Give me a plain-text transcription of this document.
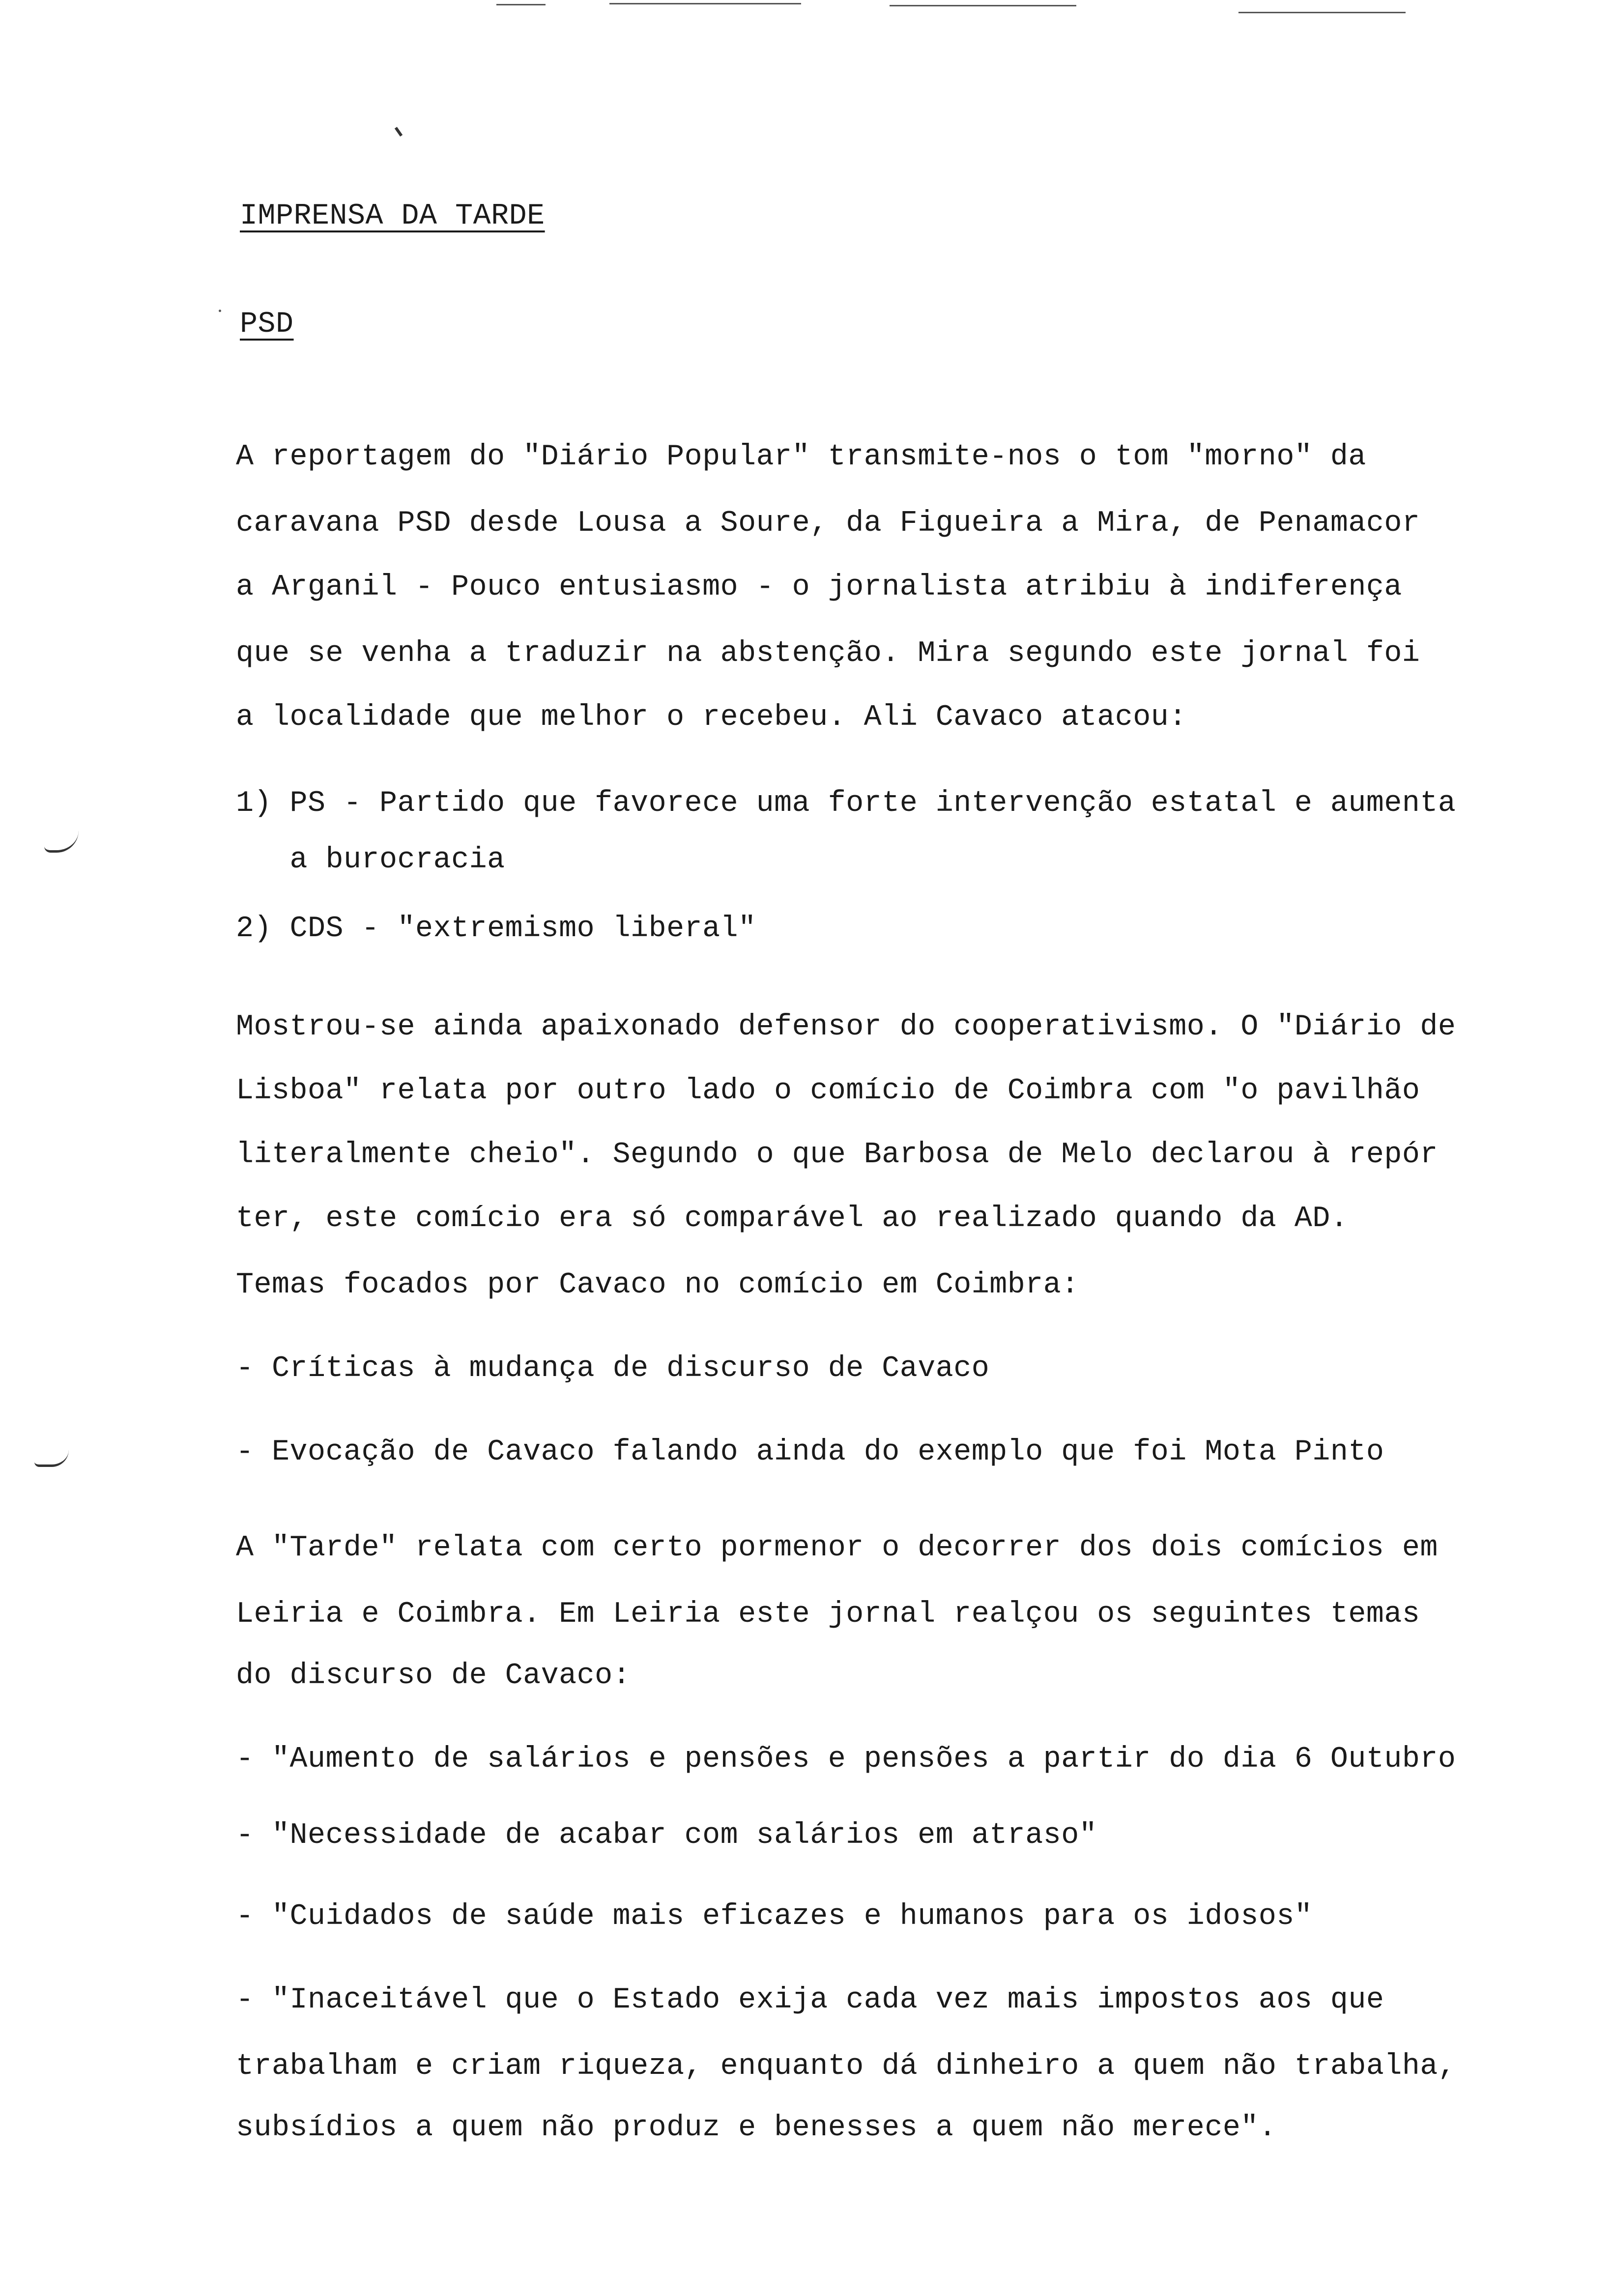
IMPRENSA DA TARDE
PSD
A reportagem do "Diário Popular" transmite-nos o tom "morno" da
caravana PSD desde Lousa a Soure, da Figueira a Mira, de Penamacor
a Arganil - Pouco entusiasmo - o jornalista atribiu à indiferença
que se venha a traduzir na abstenção. Mira segundo este jornal foi
a localidade que melhor o recebeu. Ali Cavaco atacou:
1) PS - Partido que favorece uma forte intervenção estatal e aumenta
a burocracia
2) CDS - "extremismo liberal"
Mostrou-se ainda apaixonado defensor do cooperativismo. O "Diário de
Lisboa" relata por outro lado o comício de Coimbra com "o pavilhão
literalmente cheio". Segundo o que Barbosa de Melo declarou à repór
ter, este comício era só comparável ao realizado quando da AD.
Temas focados por Cavaco no comício em Coimbra:
- Críticas à mudança de discurso de Cavaco
- Evocação de Cavaco falando ainda do exemplo que foi Mota Pinto
A "Tarde" relata com certo pormenor o decorrer dos dois comícios em
Leiria e Coimbra. Em Leiria este jornal realçou os seguintes temas
do discurso de Cavaco:
- "Aumento de salários e pensões e pensões a partir do dia 6 Outubro
- "Necessidade de acabar com salários em atraso"
- "Cuidados de saúde mais eficazes e humanos para os idosos"
- "Inaceitável que o Estado exija cada vez mais impostos aos que
trabalham e criam riqueza, enquanto dá dinheiro a quem não trabalha,
subsídios a quem não produz e benesses a quem não merece".
